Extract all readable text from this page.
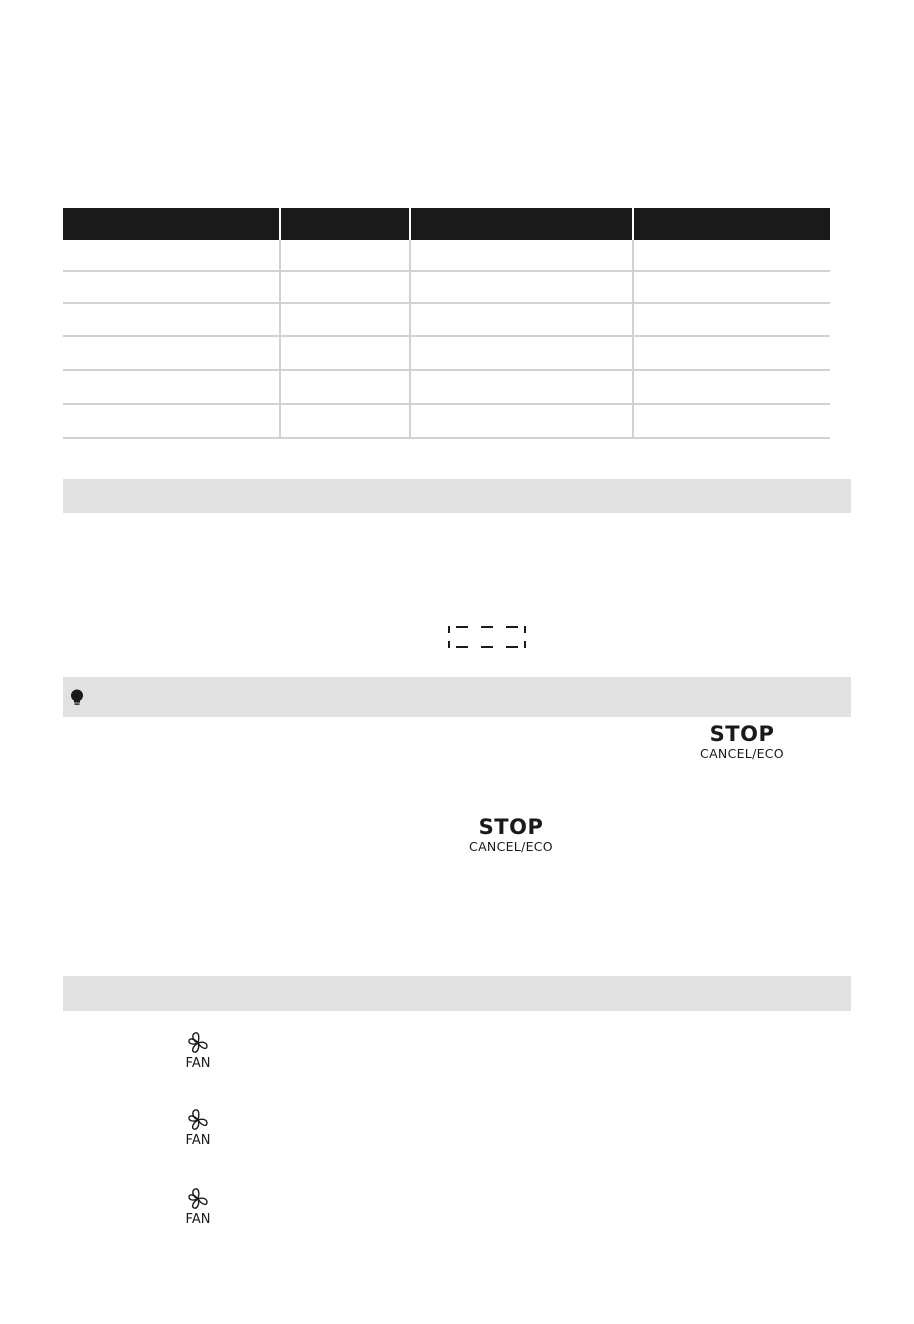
STOP
CANCEL/ECO
STOP
CANCEL/ECO
FAN
FAN
FAN
